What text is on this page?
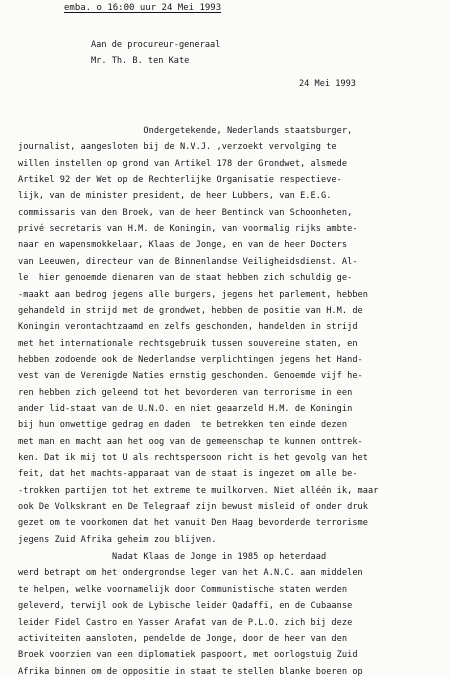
emba. o 16:00 uur 24 Mei 1993
Aan de procureur-generaal
Mr. Th. B. ten Kate
24 Mei 1993
Ondergetekende, Nederlands staatsburger,
journalist, aangesloten bij de N.V.J. ,verzoekt vervolging te
willen instellen op grond van Artikel 178 der Grondwet, alsmede
Artikel 92 der Wet op de Rechterlijke Organisatie respectieve-
lijk, van de minister president, de heer Lubbers, van E.E.G.
commissaris van den Broek, van de heer Bentinck van Schoonheten,
privé secretaris van H.M. de Koningin, van voormalig rijks ambte-
naar en wapensmokkelaar, Klaas de Jonge, en van de heer Docters
van Leeuwen, directeur van de Binnenlandse Veiligheidsdienst. Al-
le  hier genoemde dienaren van de staat hebben zich schuldig ge-
-maakt aan bedrog jegens alle burgers, jegens het parlement, hebben
gehandeld in strijd met de grondwet, hebben de positie van H.M. de
Koningin verontachtzaamd en zelfs geschonden, handelden in strijd
met het internationale rechtsgebruik tussen souvereine staten, en
hebben zodoende ook de Nederlandse verplichtingen jegens het Hand-
vest van de Verenigde Naties ernstig geschonden. Genoemde vijf he-
ren hebben zich geleend tot het bevorderen van terrorisme in een
ander lid-staat van de U.N.O. en niet geaarzeld H.M. de Koningin
bij hun onwettige gedrag en daden  te betrekken ten einde dezen
met man en macht aan het oog van de gemeenschap te kunnen onttrek-
ken. Dat ik mij tot U als rechtspersoon richt is het gevolg van het
feit, dat het machts-apparaat van de staat is ingezet om alle be-
-trokken partijen tot het extreme te muilkorven. Niet alléén ik, maar
ook De Volkskrant en De Telegraaf zijn bewust misleid of onder druk
gezet om te voorkomen dat het vanuit Den Haag bevorderde terrorisme
jegens Zuid Afrika geheim zou blijven.
Nadat Klaas de Jonge in 1985 op heterdaad
werd betrapt om het ondergrondse leger van het A.N.C. aan middelen
te helpen, welke voornamelijk door Communistische staten werden
geleverd, terwijl ook de Lybische leider Qadaffi, en de Cubaanse
leider Fidel Castro en Yasser Arafat van de P.L.O. zich bij deze
activiteiten aansloten, pendelde de Jonge, door de heer van den
Broek voorzien van een diplomatiek paspoort, met oorlogstuig Zuid
Afrika binnen om de oppositie in staat te stellen blanke boeren op
